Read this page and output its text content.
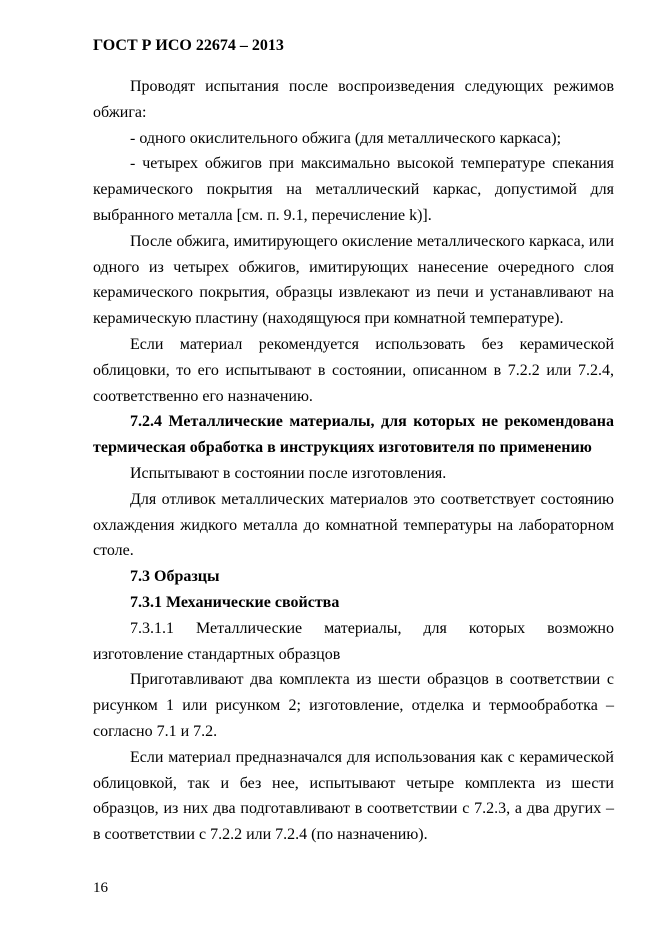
ГОСТ Р ИСО 22674 – 2013

Проводят испытания после воспроизведения следующих режимов обжига:

- одного окислительного обжига (для металлического каркаса);

- четырех обжигов при максимально высокой температуре спекания керамического покрытия на металлический каркас, допустимой для выбранного металла [см. п. 9.1, перечисление k)].

После обжига, имитирующего окисление металлического каркаса, или одного из четырех обжигов, имитирующих нанесение очередного слоя керамического покрытия, образцы извлекают из печи и устанавливают на керамическую пластину (находящуюся при комнатной температуре).

Если материал рекомендуется использовать без керамической облицовки, то его испытывают в состоянии, описанном в 7.2.2 или 7.2.4, соответственно его назначению.

7.2.4 Металлические материалы, для которых не рекомендована термическая обработка в инструкциях изготовителя по применению

Испытывают в состоянии после изготовления.

Для отливок металлических материалов это соответствует состоянию охлаждения жидкого металла до комнатной температуры на лабораторном столе.

7.3 Образцы

7.3.1 Механические свойства

7.3.1.1 Металлические материалы, для которых возможно изготовление стандартных образцов

Приготавливают два комплекта из шести образцов в соответствии с рисунком 1 или рисунком 2; изготовление, отделка и термообработка – согласно 7.1 и 7.2.

Если материал предназначался для использования как с керамической облицовкой, так и без нее, испытывают четыре комплекта из шести образцов, из них два подготавливают в соответствии с 7.2.3, а два других – в соответствии с 7.2.2 или 7.2.4 (по назначению).

16
